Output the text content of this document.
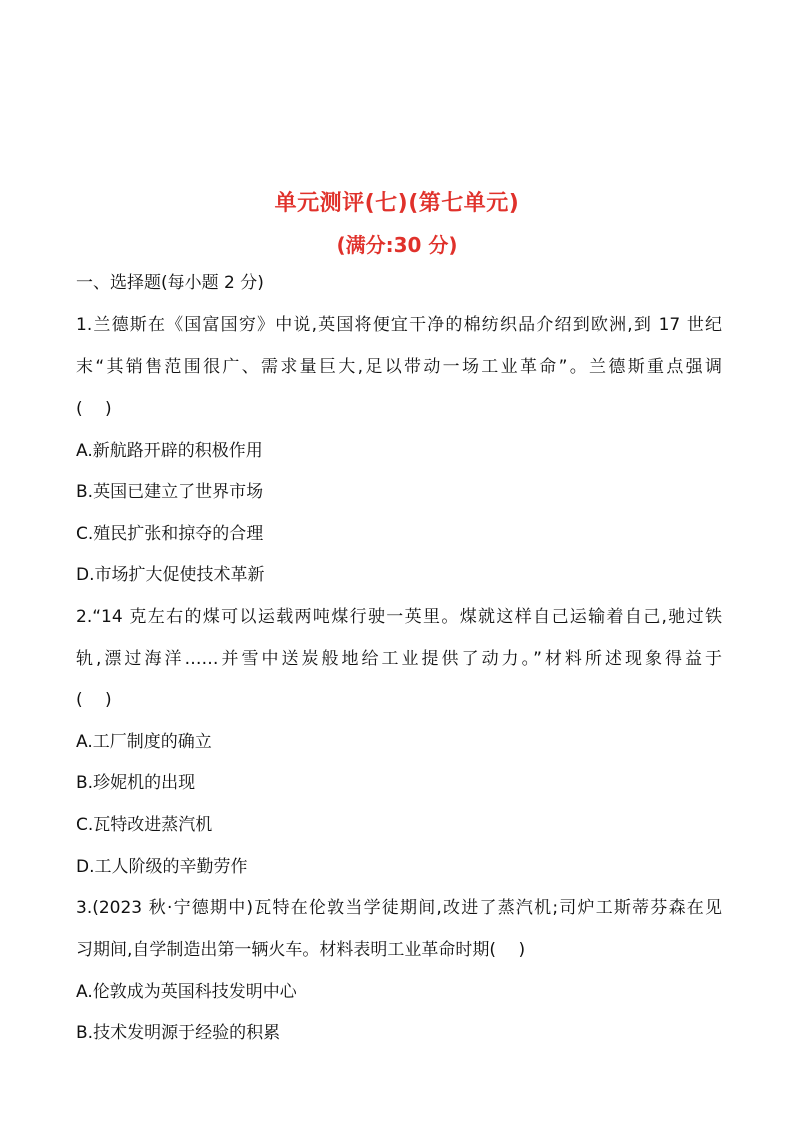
单元测评(七)(第七单元)
(满分:30 分)
一、选择题(每小题 2 分)
1.兰德斯在《国富国穷》中说,英国将便宜干净的棉纺织品介绍到欧洲,到 17 世纪
末“其销售范围很广、需求量巨大,足以带动一场工业革命”。兰德斯重点强调
(　 )
A.新航路开辟的积极作用
B.英国已建立了世界市场
C.殖民扩张和掠夺的合理
D.市场扩大促使技术革新
2.“14 克左右的煤可以运载两吨煤行驶一英里。煤就这样自己运输着自己,驰过铁
轨,漂过海洋……并雪中送炭般地给工业提供了动力。”材料所述现象得益于
(　 )
A.工厂制度的确立
B.珍妮机的出现
C.瓦特改进蒸汽机
D.工人阶级的辛勤劳作
3.(2023 秋·宁德期中)瓦特在伦敦当学徒期间,改进了蒸汽机;司炉工斯蒂芬森在见
习期间,自学制造出第一辆火车。材料表明工业革命时期(　 )
A.伦敦成为英国科技发明中心
B.技术发明源于经验的积累
